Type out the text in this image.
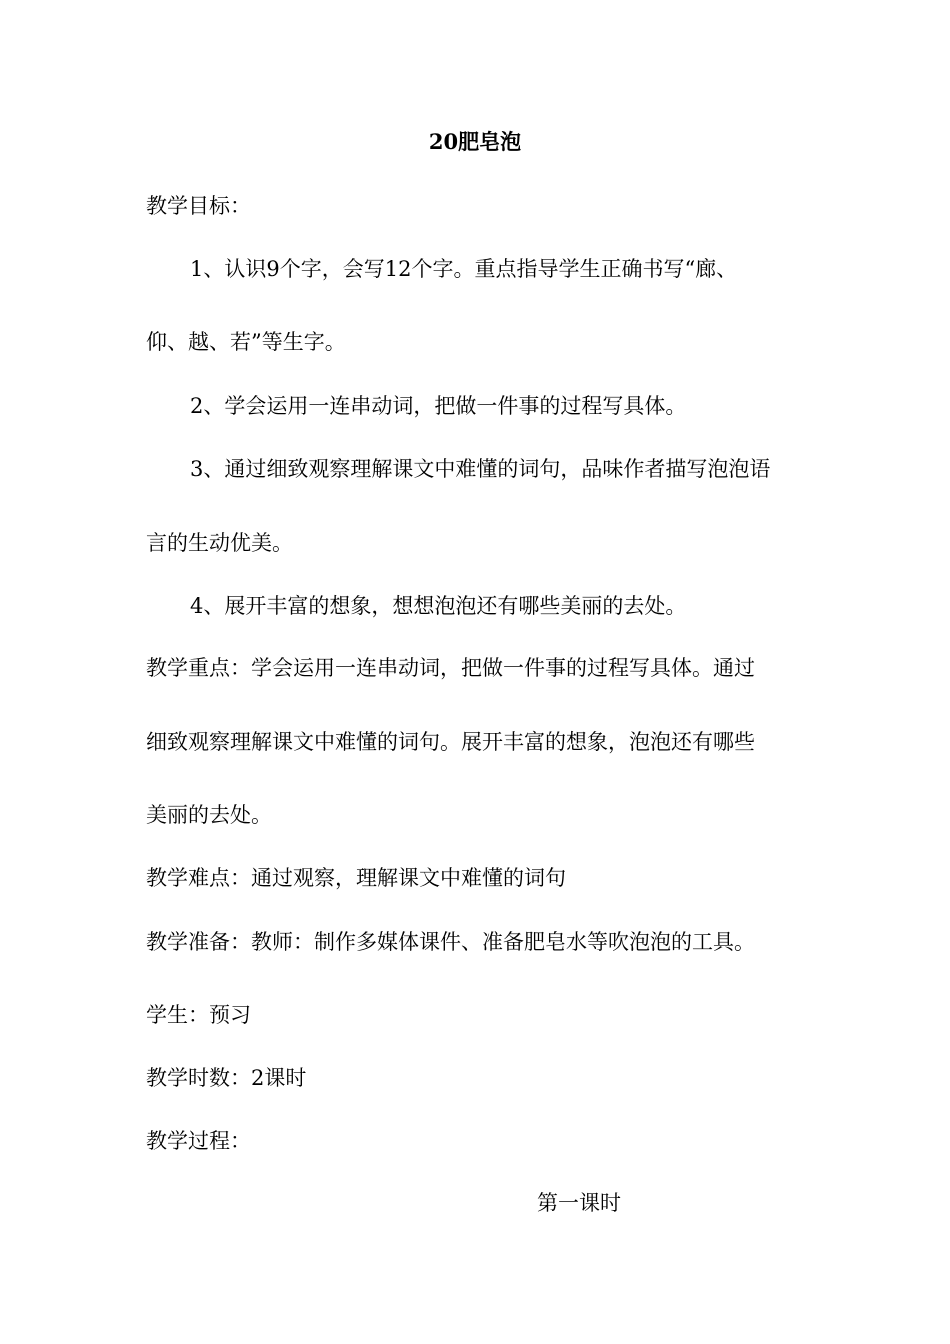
20肥皂泡
教学目标：
1、认识9个字，会写12个字。重点指导学生正确书写“廊、
仰、越、若”等生字。
2、学会运用一连串动词，把做一件事的过程写具体。
3、通过细致观察理解课文中难懂的词句，品味作者描写泡泡语
言的生动优美。
4、展开丰富的想象，想想泡泡还有哪些美丽的去处。
教学重点：学会运用一连串动词，把做一件事的过程写具体。通过
细致观察理解课文中难懂的词句。展开丰富的想象，泡泡还有哪些
美丽的去处。
教学难点：通过观察，理解课文中难懂的词句
教学准备：教师：制作多媒体课件、准备肥皂水等吹泡泡的工具。
学生：预习
教学时数：2课时
教学过程：
第一课时
